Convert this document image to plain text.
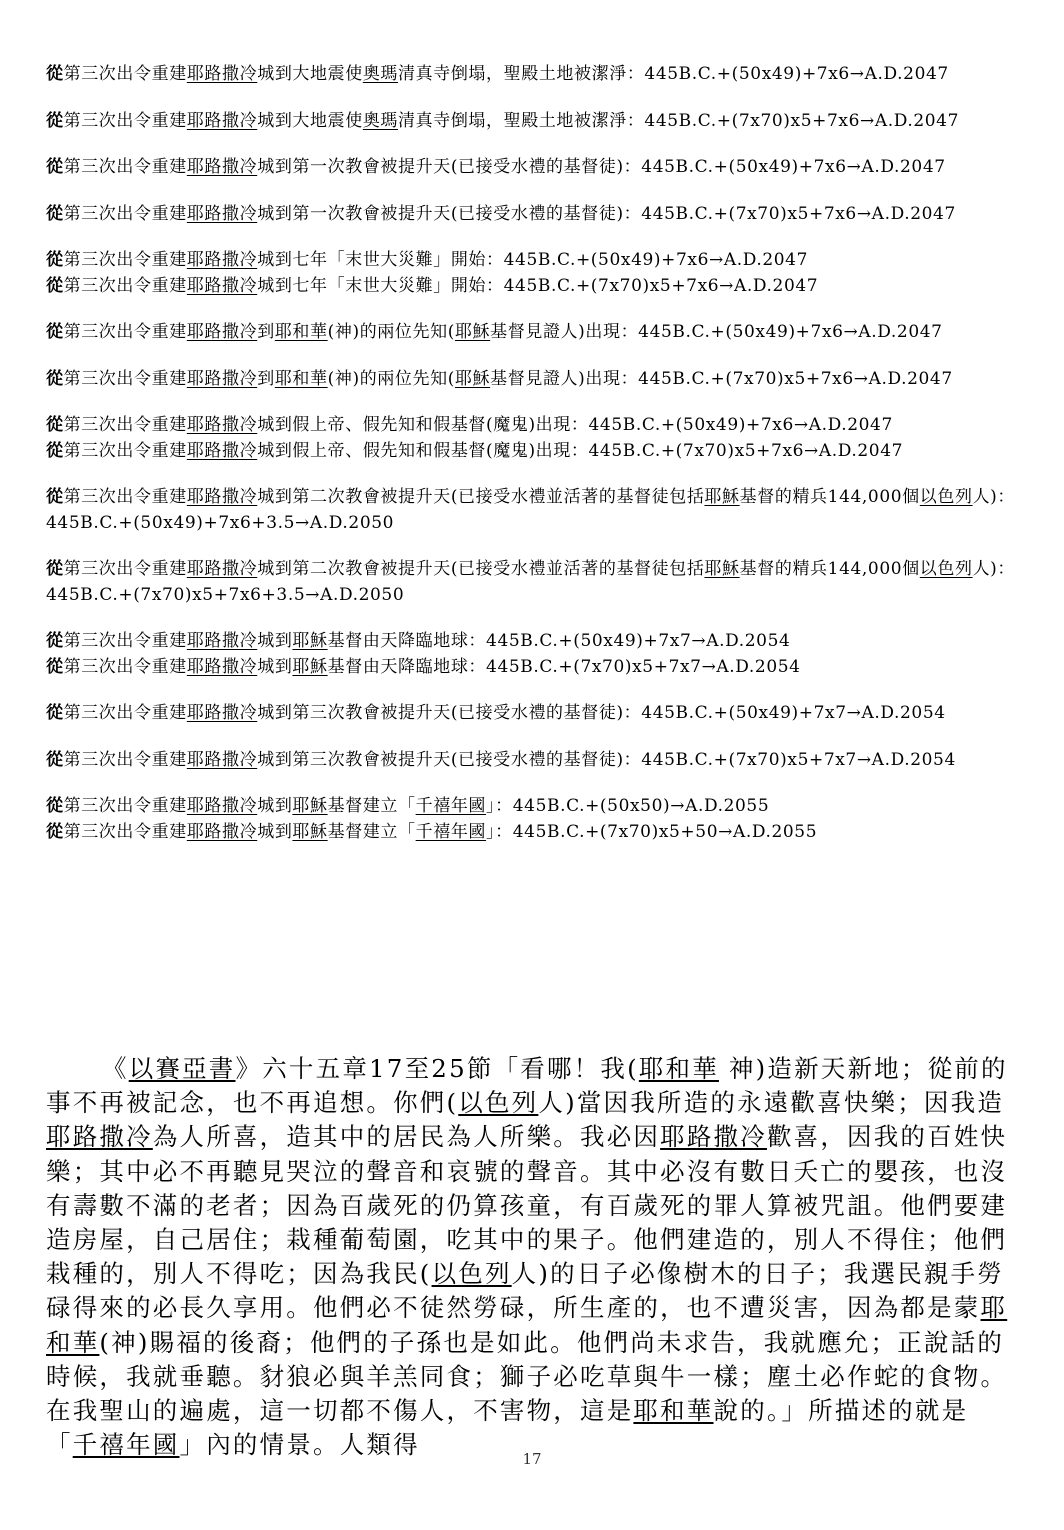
從第三次出令重建耶路撒冷城到大地震使奧瑪清真寺倒塌，聖殿土地被潔淨：445B.C.+(50x49)+7x6→A.D.2047
從第三次出令重建耶路撒冷城到大地震使奧瑪清真寺倒塌，聖殿土地被潔淨：445B.C.+(7x70)x5+7x6→A.D.2047
從第三次出令重建耶路撒冷城到第一次教會被提升天(已接受水禮的基督徒)：445B.C.+(50x49)+7x6→A.D.2047
從第三次出令重建耶路撒冷城到第一次教會被提升天(已接受水禮的基督徒)：445B.C.+(7x70)x5+7x6→A.D.2047
從第三次出令重建耶路撒冷城到七年「末世大災難」開始：445B.C.+(50x49)+7x6→A.D.2047
從第三次出令重建耶路撒冷城到七年「末世大災難」開始：445B.C.+(7x70)x5+7x6→A.D.2047
從第三次出令重建耶路撒冷到耶和華(神)的兩位先知(耶穌基督見證人)出現：445B.C.+(50x49)+7x6→A.D.2047
從第三次出令重建耶路撒冷到耶和華(神)的兩位先知(耶穌基督見證人)出現：445B.C.+(7x70)x5+7x6→A.D.2047
從第三次出令重建耶路撒冷城到假上帝、假先知和假基督(魔鬼)出現：445B.C.+(50x49)+7x6→A.D.2047
從第三次出令重建耶路撒冷城到假上帝、假先知和假基督(魔鬼)出現：445B.C.+(7x70)x5+7x6→A.D.2047
從第三次出令重建耶路撒冷城到第二次教會被提升天(已接受水禮並活著的基督徒包括耶穌基督的精兵144,000個以色列人)：445B.C.+(50x49)+7x6+3.5→A.D.2050
從第三次出令重建耶路撒冷城到第二次教會被提升天(已接受水禮並活著的基督徒包括耶穌基督的精兵144,000個以色列人)：445B.C.+(7x70)x5+7x6+3.5→A.D.2050
從第三次出令重建耶路撒冷城到耶穌基督由天降臨地球：445B.C.+(50x49)+7x7→A.D.2054
從第三次出令重建耶路撒冷城到耶穌基督由天降臨地球：445B.C.+(7x70)x5+7x7→A.D.2054
從第三次出令重建耶路撒冷城到第三次教會被提升天(已接受水禮的基督徒)：445B.C.+(50x49)+7x7→A.D.2054
從第三次出令重建耶路撒冷城到第三次教會被提升天(已接受水禮的基督徒)：445B.C.+(7x70)x5+7x7→A.D.2054
從第三次出令重建耶路撒冷城到耶穌基督建立「千禧年國」：445B.C.+(50x50)→A.D.2055
從第三次出令重建耶路撒冷城到耶穌基督建立「千禧年國」：445B.C.+(7x70)x5+50→A.D.2055
《以賽亞書》六十五章17至25節「看哪！我(耶和華 神)造新天新地；從前的事不再被記念，也不再追想。你們(以色列人)當因我所造的永遠歡喜快樂；因我造耶路撒冷為人所喜，造其中的居民為人所樂。我必因耶路撒冷歡喜，因我的百姓快樂；其中必不再聽見哭泣的聲音和哀號的聲音。其中必沒有數日夭亡的嬰孩，也沒有壽數不滿的老者；因為百歲死的仍算孩童，有百歲死的罪人算被咒詛。他們要建造房屋，自己居住；栽種葡萄園，吃其中的果子。他們建造的，別人不得住；他們栽種的，別人不得吃；因為我民(以色列人)的日子必像樹木的日子；我選民親手勞碌得來的必長久享用。他們必不徒然勞碌，所生產的，也不遭災害，因為都是蒙耶和華(神)賜福的後裔；他們的子孫也是如此。他們尚未求告，我就應允；正說話的時候，我就垂聽。豺狼必與羊羔同食；獅子必吃草與牛一樣；塵土必作蛇的食物。在我聖山的遍處，這一切都不傷人，不害物，這是耶和華說的。」所描述的就是「千禧年國」內的情景。人類得	17
